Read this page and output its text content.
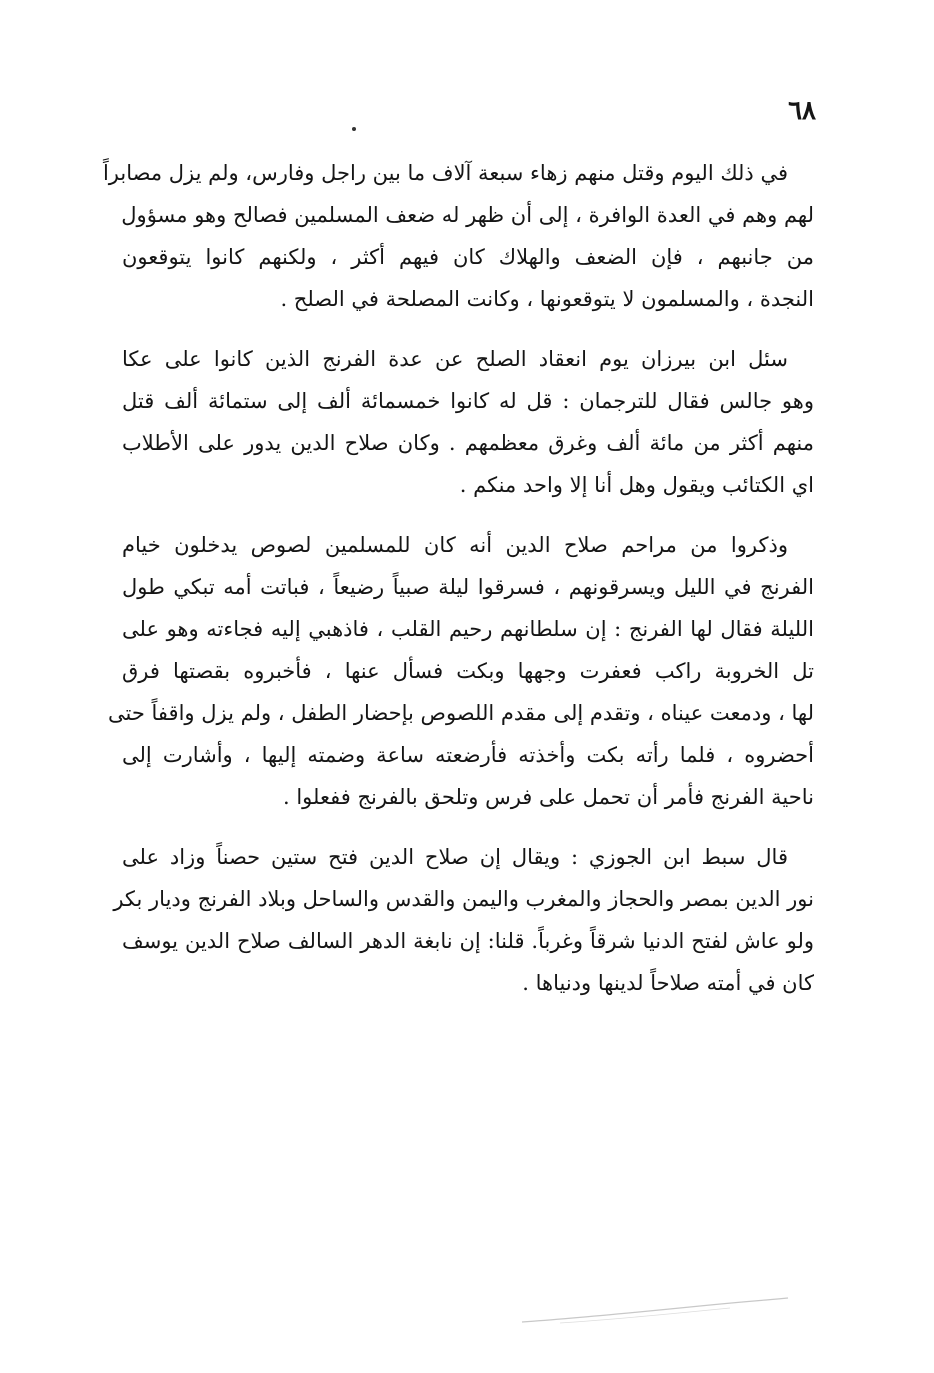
٦٨
في ذلك اليوم وقتل منهم زهاء سبعة آلاف ما بين راجل وفارس، ولم يزل مصابراً
لهم وهم في العدة الوافرة ، إلى أن ظهر له ضعف المسلمين فصالح وهو مسؤول
من جانبهم ، فإن الضعف والهلاك كان فيهم أكثر ، ولكنهم كانوا يتوقعون
النجدة ، والمسلمون لا يتوقعونها ، وكانت المصلحة في الصلح .
سئل ابن بيرزان يوم انعقاد الصلح عن عدة الفرنج الذين كانوا على عكا
وهو جالس فقال للترجمان : قل له كانوا خمسمائة ألف إلى ستمائة ألف قتل
منهم أكثر من مائة ألف وغرق معظمهم . وكان صلاح الدين يدور على الأطلاب
اي الكتائب ويقول وهل أنا إلا واحد منكم .
وذكروا من مراحم صلاح الدين أنه كان للمسلمين لصوص يدخلون خيام
الفرنج في الليل ويسرقونهم ، فسرقوا ليلة صبياً رضيعاً ، فباتت أمه تبكي طول
الليلة فقال لها الفرنج : إن سلطانهم رحيم القلب ، فاذهبي إليه فجاءته وهو على
تل الخروبة راكب فعفرت وجهها وبكت فسأل عنها ، فأخبروه بقصتها فرق
لها ، ودمعت عيناه ، وتقدم إلى مقدم اللصوص بإحضار الطفل ، ولم يزل واقفاً حتى
أحضروه ، فلما رأته بكت وأخذته فأرضعته ساعة وضمته إليها ، وأشارت إلى
ناحية الفرنج فأمر أن تحمل على فرس وتلحق بالفرنج ففعلوا .
قال سبط ابن الجوزي : ويقال إن صلاح الدين فتح ستين حصناً وزاد على
نور الدين بمصر والحجاز والمغرب واليمن والقدس والساحل وبلاد الفرنج وديار بكر
ولو عاش لفتح الدنيا شرقاً وغرباً. قلنا: إن نابغة الدهر السالف صلاح الدين يوسف
كان في أمته صلاحاً لدينها ودنياها .
